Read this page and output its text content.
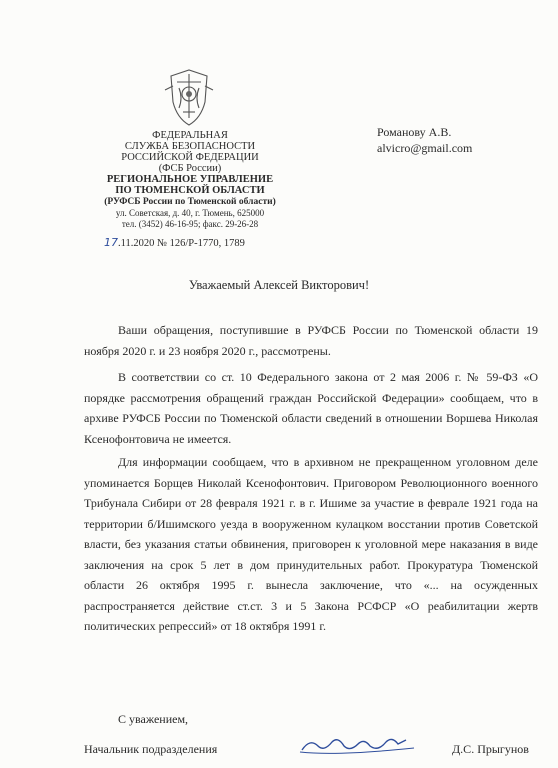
ФЕДЕРАЛЬНАЯ
СЛУЖБА БЕЗОПАСНОСТИ
РОССИЙСКОЙ ФЕДЕРАЦИИ
(ФСБ России)
РЕГИОНАЛЬНОЕ УПРАВЛЕНИЕ
ПО ТЮМЕНСКОЙ ОБЛАСТИ
(РУФСБ России по Тюменской области)
ул. Советская, д. 40, г. Тюмень, 625000
тел. (3452) 46-16-95; факс. 29-26-28
17.11.2020 № 126/Р-1770, 1789
Романову А.В.
alvicro@gmail.com
Уважаемый Алексей Викторович!

Ваши обращения, поступившие в РУФСБ России по Тюменской области 19 ноября 2020 г. и 23 ноября 2020 г., рассмотрены.

В соответствии со ст. 10 Федерального закона от 2 мая 2006 г. № 59-ФЗ «О порядке рассмотрения обращений граждан Российской Федерации» сообщаем, что в архиве РУФСБ России по Тюменской области сведений в отношении Воршева Николая Ксенофонтовича не имеется.

Для информации сообщаем, что в архивном не прекращенном уголовном деле упоминается Борщев Николай Ксенофонтович. Приговором Революционного военного Трибунала Сибири от 28 февраля 1921 г. в г. Ишиме за участие в феврале 1921 года на территории б/Ишимского уезда в вооруженном кулацком восстании против Советской власти, без указания статьи обвинения, приговорен к уголовной мере наказания в виде заключения на срок 5 лет в дом принудительных работ. Прокуратура Тюменской области 26 октября 1995 г. вынесла заключение, что «... на осужденных распространяется действие ст.ст. 3 и 5 Закона РСФСР «О реабилитации жертв политических репрессий» от 18 октября 1991 г.

С уважением,
Начальник подразделения	Д.С. Прыгунов
